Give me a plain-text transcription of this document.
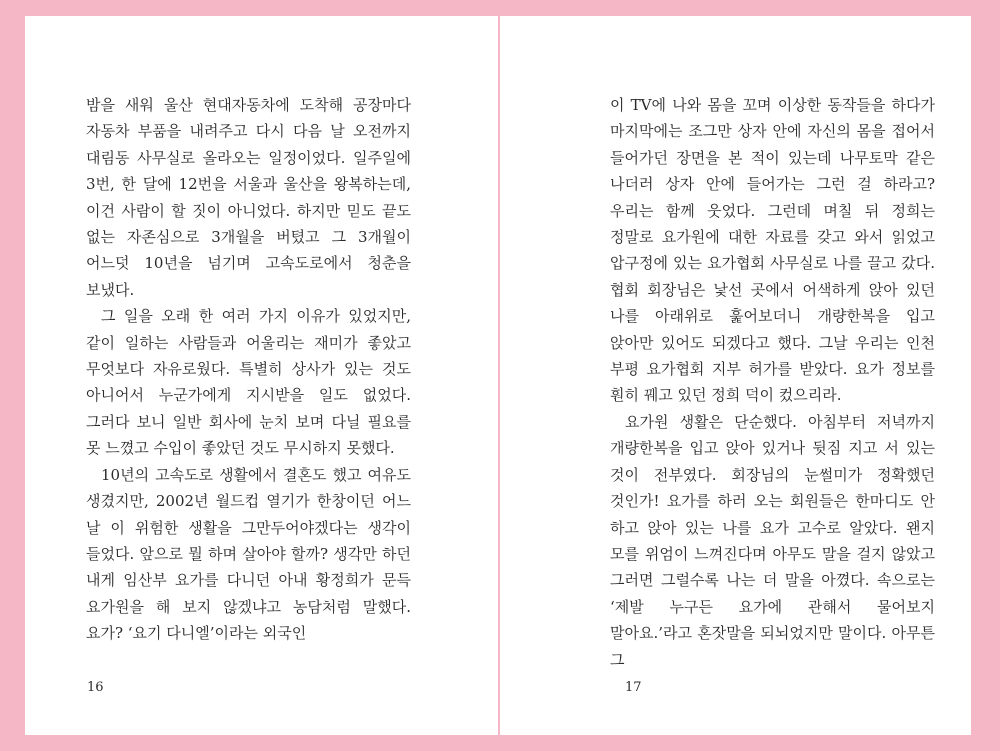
밤을 새워 울산 현대자동차에 도착해 공장마다 자동차 부품을 내려주고 다시 다음 날 오전까지 대림동 사무실로 올라오는 일정이었다. 일주일에 3번, 한 달에 12번을 서울과 울산을 왕복하는데, 이건 사람이 할 짓이 아니었다. 하지만 믿도 끝도 없는 자존심으로 3개월을 버텼고 그 3개월이 어느덧 10년을 넘기며 고속도로에서 청춘을 보냈다.

그 일을 오래 한 여러 가지 이유가 있었지만, 같이 일하는 사람들과 어울리는 재미가 좋았고 무엇보다 자유로웠다. 특별히 상사가 있는 것도 아니어서 누군가에게 지시받을 일도 없었다. 그러다 보니 일반 회사에 눈치 보며 다닐 필요를 못 느꼈고 수입이 좋았던 것도 무시하지 못했다.

10년의 고속도로 생활에서 결혼도 했고 여유도 생겼지만, 2002년 월드컵 열기가 한창이던 어느 날 이 위험한 생활을 그만두어야겠다는 생각이 들었다. 앞으로 뭘 하며 살아야 할까? 생각만 하던 내게 임산부 요가를 다니던 아내 황정희가 문득 요가원을 해 보지 않겠냐고 농담처럼 말했다. 요가? ‘요기 다니엘’이라는 외국인

16

이 TV에 나와 몸을 꼬며 이상한 동작들을 하다가 마지막에는 조그만 상자 안에 자신의 몸을 접어서 들어가던 장면을 본 적이 있는데 나무토막 같은 나더러 상자 안에 들어가는 그런 걸 하라고? 우리는 함께 웃었다. 그런데 며칠 뒤 정희는 정말로 요가원에 대한 자료를 갖고 와서 읽었고 압구정에 있는 요가협회 사무실로 나를 끌고 갔다. 협회 회장님은 낯선 곳에서 어색하게 앉아 있던 나를 아래위로 훑어보더니 개량한복을 입고 앉아만 있어도 되겠다고 했다. 그날 우리는 인천 부평 요가협회 지부 허가를 받았다. 요가 정보를 훤히 꿰고 있던 정희 덕이 컸으리라.

요가원 생활은 단순했다. 아침부터 저녁까지 개량한복을 입고 앉아 있거나 뒷짐 지고 서 있는 것이 전부였다. 회장님의 눈썰미가 정확했던 것인가! 요가를 하러 오는 회원들은 한마디도 안 하고 앉아 있는 나를 요가 고수로 알았다. 왠지 모를 위엄이 느껴진다며 아무도 말을 걸지 않았고 그러면 그럴수록 나는 더 말을 아꼈다. 속으로는 ‘제발 누구든 요가에 관해서 물어보지 말아요.’라고 혼잣말을 되뇌었지만 말이다. 아무튼 그

17
